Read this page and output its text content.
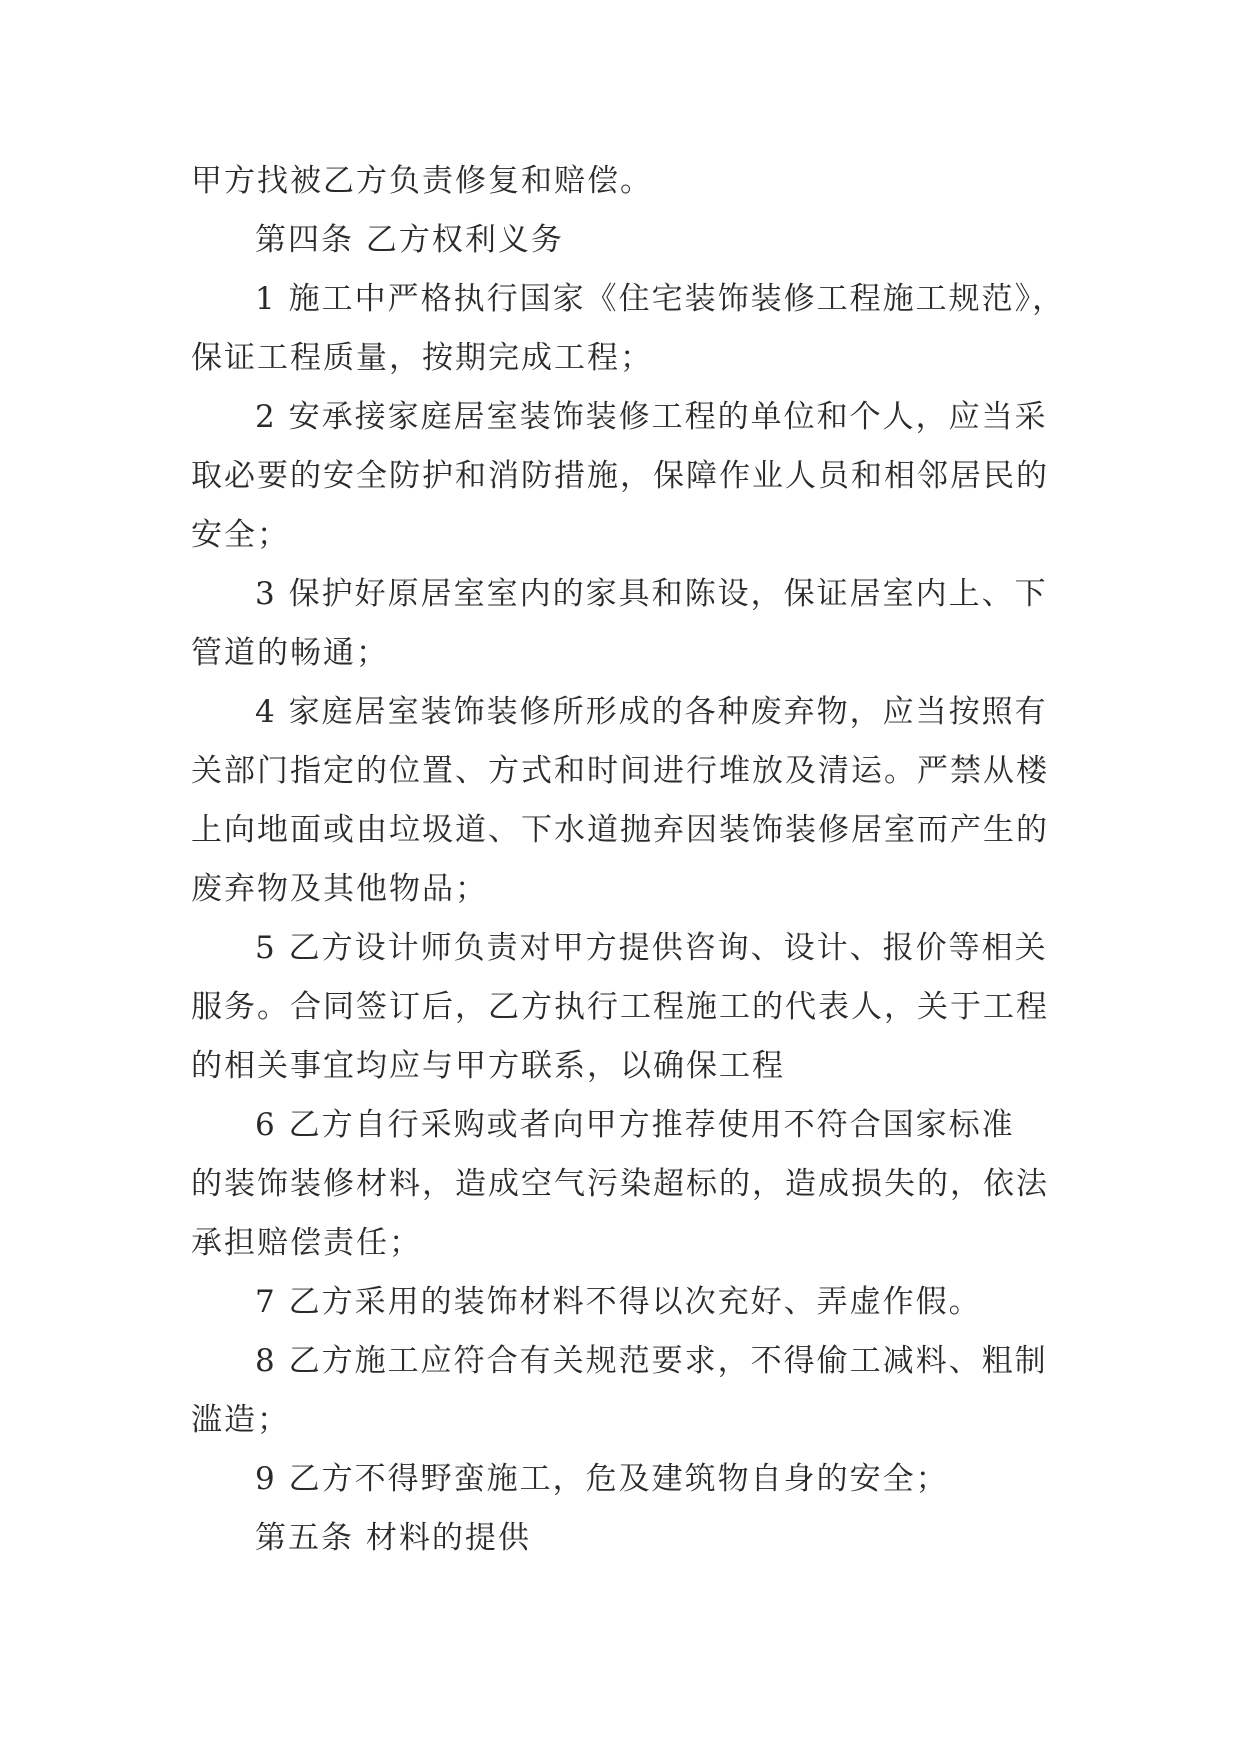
甲方找被乙方负责修复和赔偿。

第四条 乙方权利义务

1 施工中严格执行国家《住宅装饰装修工程施工规范》，

保证工程质量，按期完成工程；

2 安承接家庭居室装饰装修工程的单位和个人，应当采

取必要的安全防护和消防措施，保障作业人员和相邻居民的

安全；

3 保护好原居室室内的家具和陈设，保证居室内上、下

管道的畅通；

4 家庭居室装饰装修所形成的各种废弃物，应当按照有

关部门指定的位置、方式和时间进行堆放及清运。严禁从楼

上向地面或由垃圾道、下水道抛弃因装饰装修居室而产生的

废弃物及其他物品；

5 乙方设计师负责对甲方提供咨询、设计、报价等相关

服务。合同签订后，乙方执行工程施工的代表人，关于工程

的相关事宜均应与甲方联系，以确保工程

6 乙方自行采购或者向甲方推荐使用不符合国家标准

的装饰装修材料，造成空气污染超标的，造成损失的，依法

承担赔偿责任；

7 乙方采用的装饰材料不得以次充好、弄虚作假。

8 乙方施工应符合有关规范要求，不得偷工减料、粗制

滥造；

9 乙方不得野蛮施工，危及建筑物自身的安全；

第五条 材料的提供
